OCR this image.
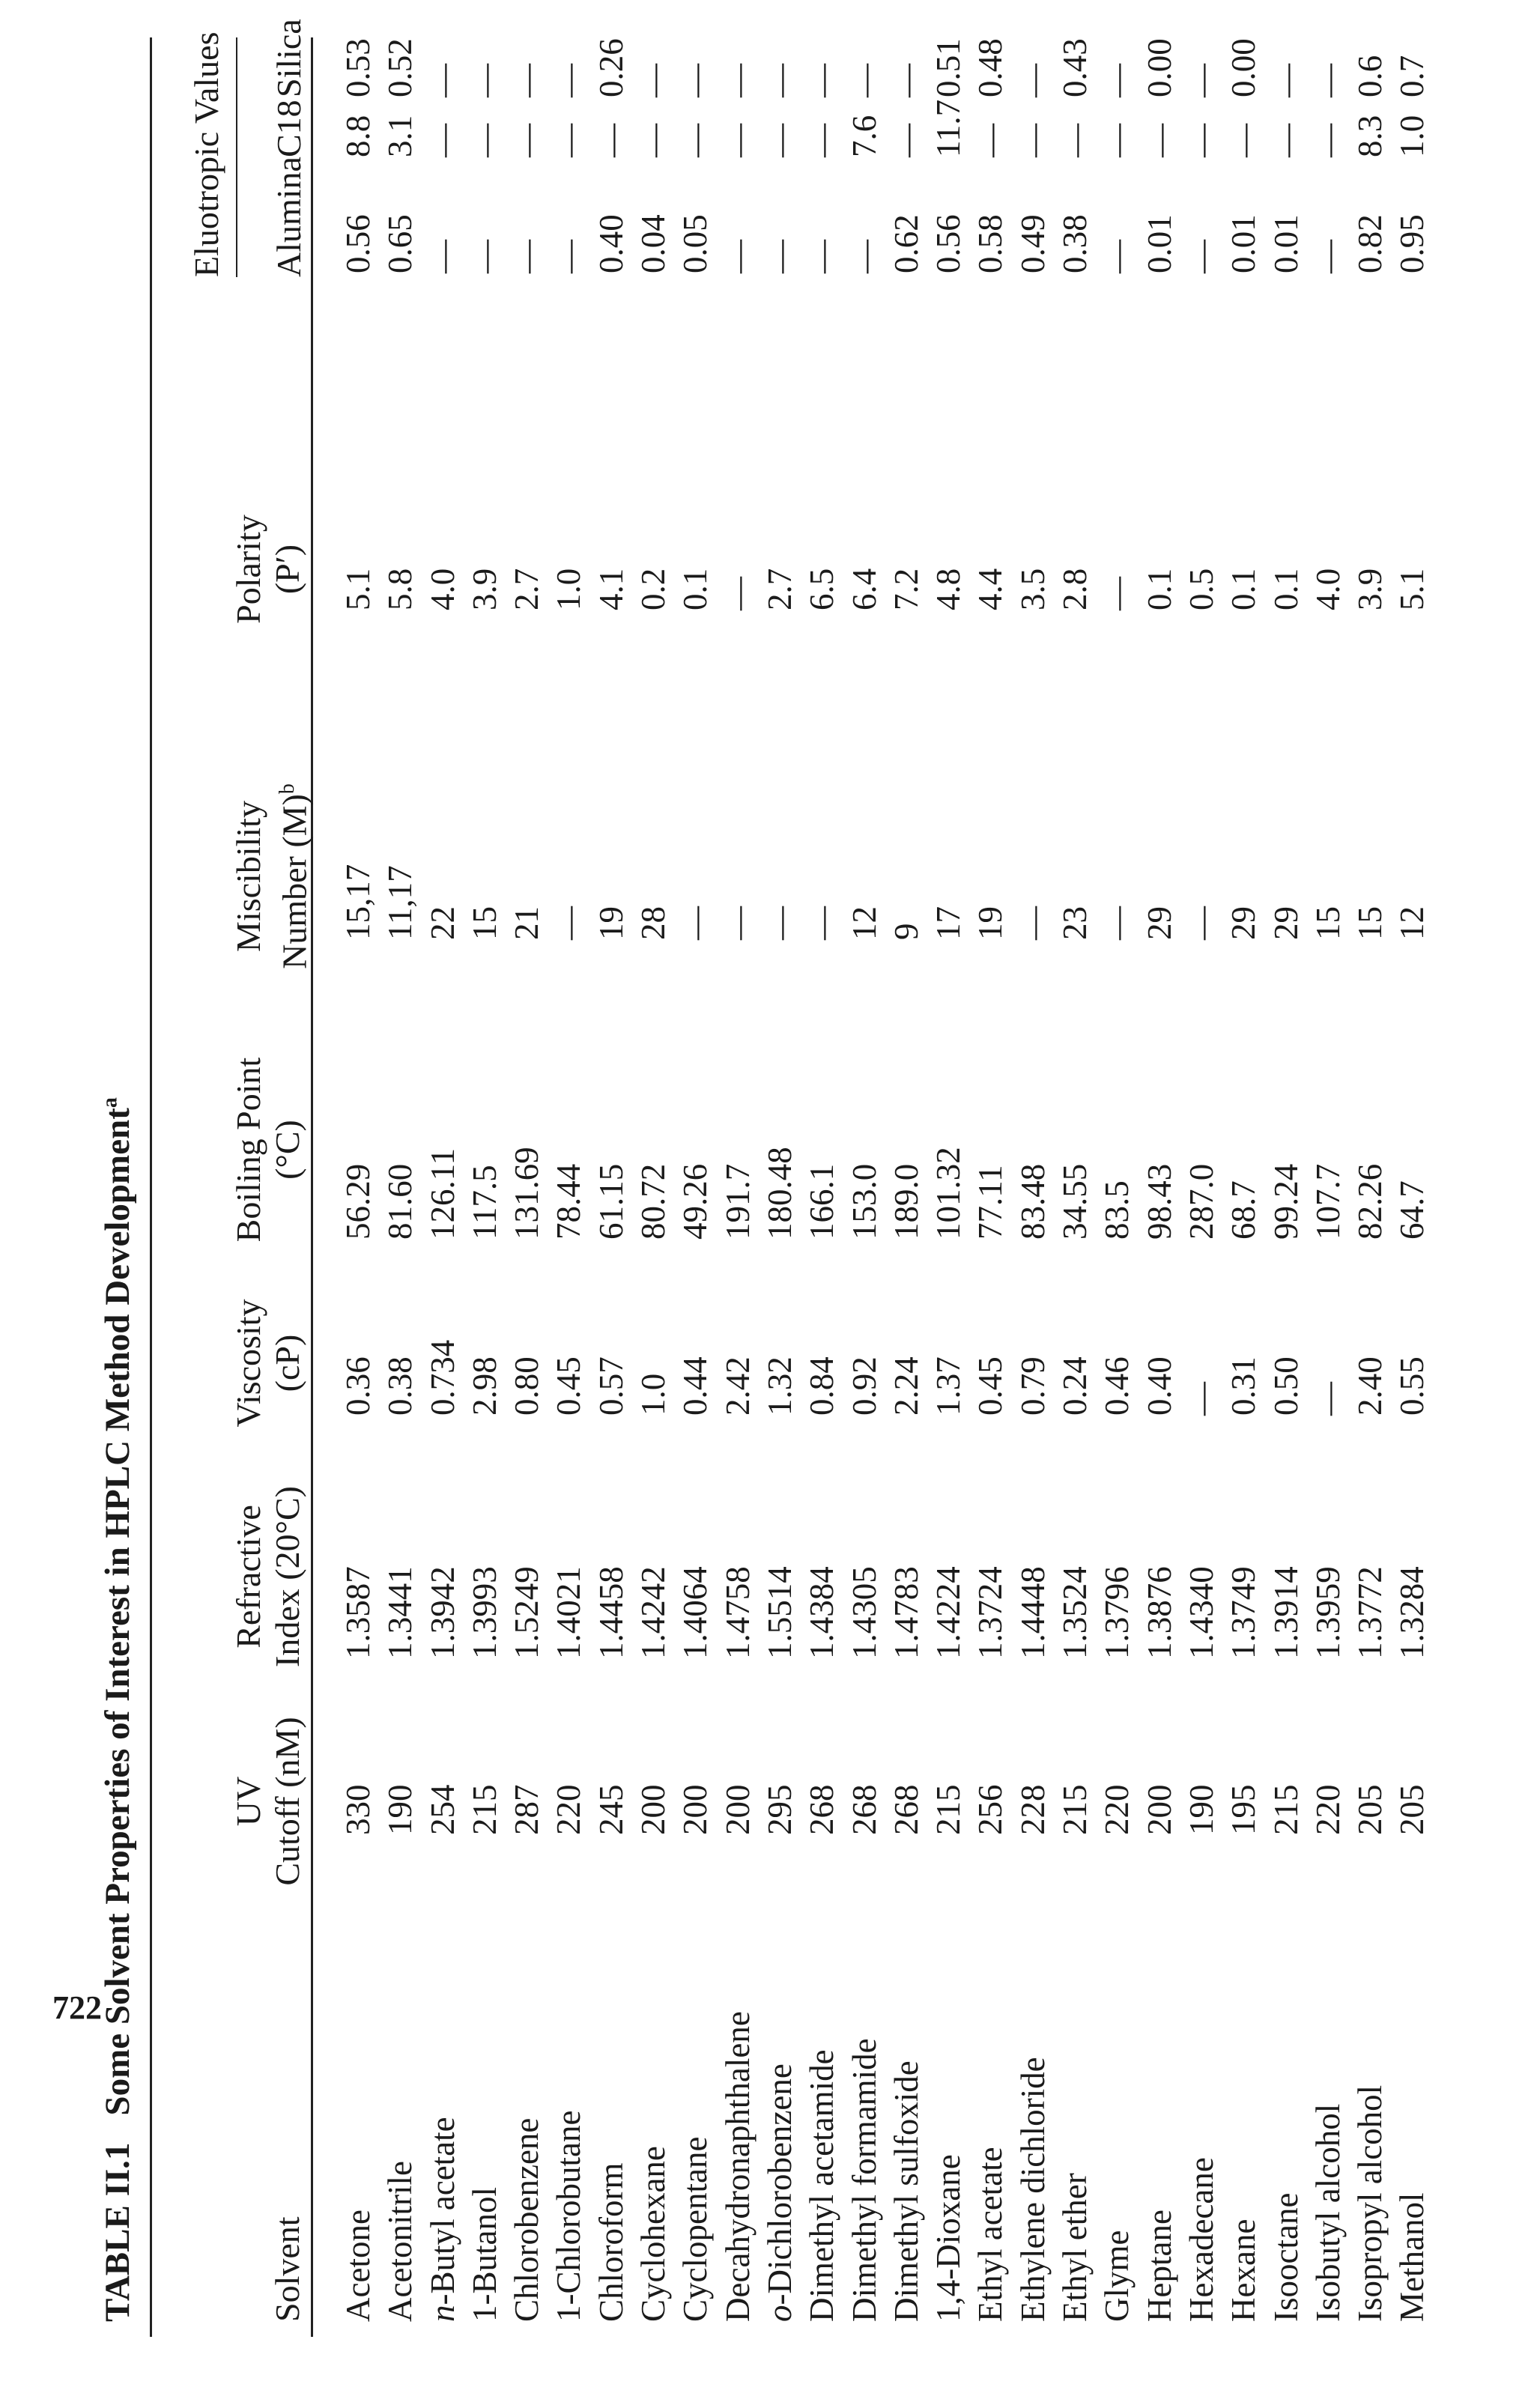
722
TABLE II.1Some Solvent Properties of Interest in HPLC Method Development$^a$
Solvent
UV Cutoff (nM)
Refractive Index (20°C)
Viscosity (cP)
Boiling Point (°C)
Miscibility Number $(M)^b$
Polarity (P′)
Eluotropic Values Alumina
C18
Silica
Acetone Acetonitrile n-Butyl acetate 1-Butanol Chlorobenzene 1-Chlorobutane Chloroform Cyclohexane Cyclopentane Decahydronaphthalene o-Dichlorobenzene Dimethyl acetamide Dimethyl formamide Dimethyl sulfoxide 1,4-Dioxane Ethyl acetate Ethylene dichloride Ethyl ether Glyme Heptane Hexadecane Hexane Isooctane Isobutyl alcohol Isopropyl alcohol Methanol
330 190 254 215 287 220 245 200 200 200 295 268 268 268 215 256 228 215 220 200 190 195 215 220 205 205
1.3587 1.3441 1.3942 1.3993 1.5249 1.4021 1.4458 1.4242 1.4064 1.4758 1.5514 1.4384 1.4305 1.4783 1.4224 1.3724 1.4448 1.3524 1.3796 1.3876 1.4340 1.3749 1.3914 1.3959 1.3772 1.3284
0.36 0.38 0.734 2.98 0.80 0.45 0.57 1.0 0.44 2.42 1.32 0.84 0.92 2.24 1.37 0.45 0.79 0.24 0.46 0.40 — 0.31 0.50 — 2.40 0.55
56.29 81.60 126.11 117.5 131.69 78.44 61.15 80.72 49.26 191.7 180.48 166.1 153.0 189.0 101.32 77.11 83.48 34.55 83.5 98.43 287.0 68.7 99.24 107.7 82.26 64.7
15,17 11,17 22 15 21 — 19 28 — — — — 12 9 17 19 — 23 — 29 — 29 29 15 15 12
5.1 5.8 4.0 3.9 2.7 1.0 4.1 0.2 0.1 — 2.7 6.5 6.4 7.2 4.8 4.4 3.5 2.8 — 0.1 0.5 0.1 0.1 4.0 3.9 5.1
0.56 0.65 — — — — 0.40 0.04 0.05 — — — — 0.62 0.56 0.58 0.49 0.38 — 0.01 — 0.01 0.01 — 0.82 0.95
8.8 3.1 — — — — — — — — — — 7.6 — 11.7 — — — — — — — — — 8.3 1.0
0.53 0.52 — — — — 0.26 — — — — — — — 0.51 0.48 — 0.43 — 0.00 — 0.00 — — 0.6 0.7
